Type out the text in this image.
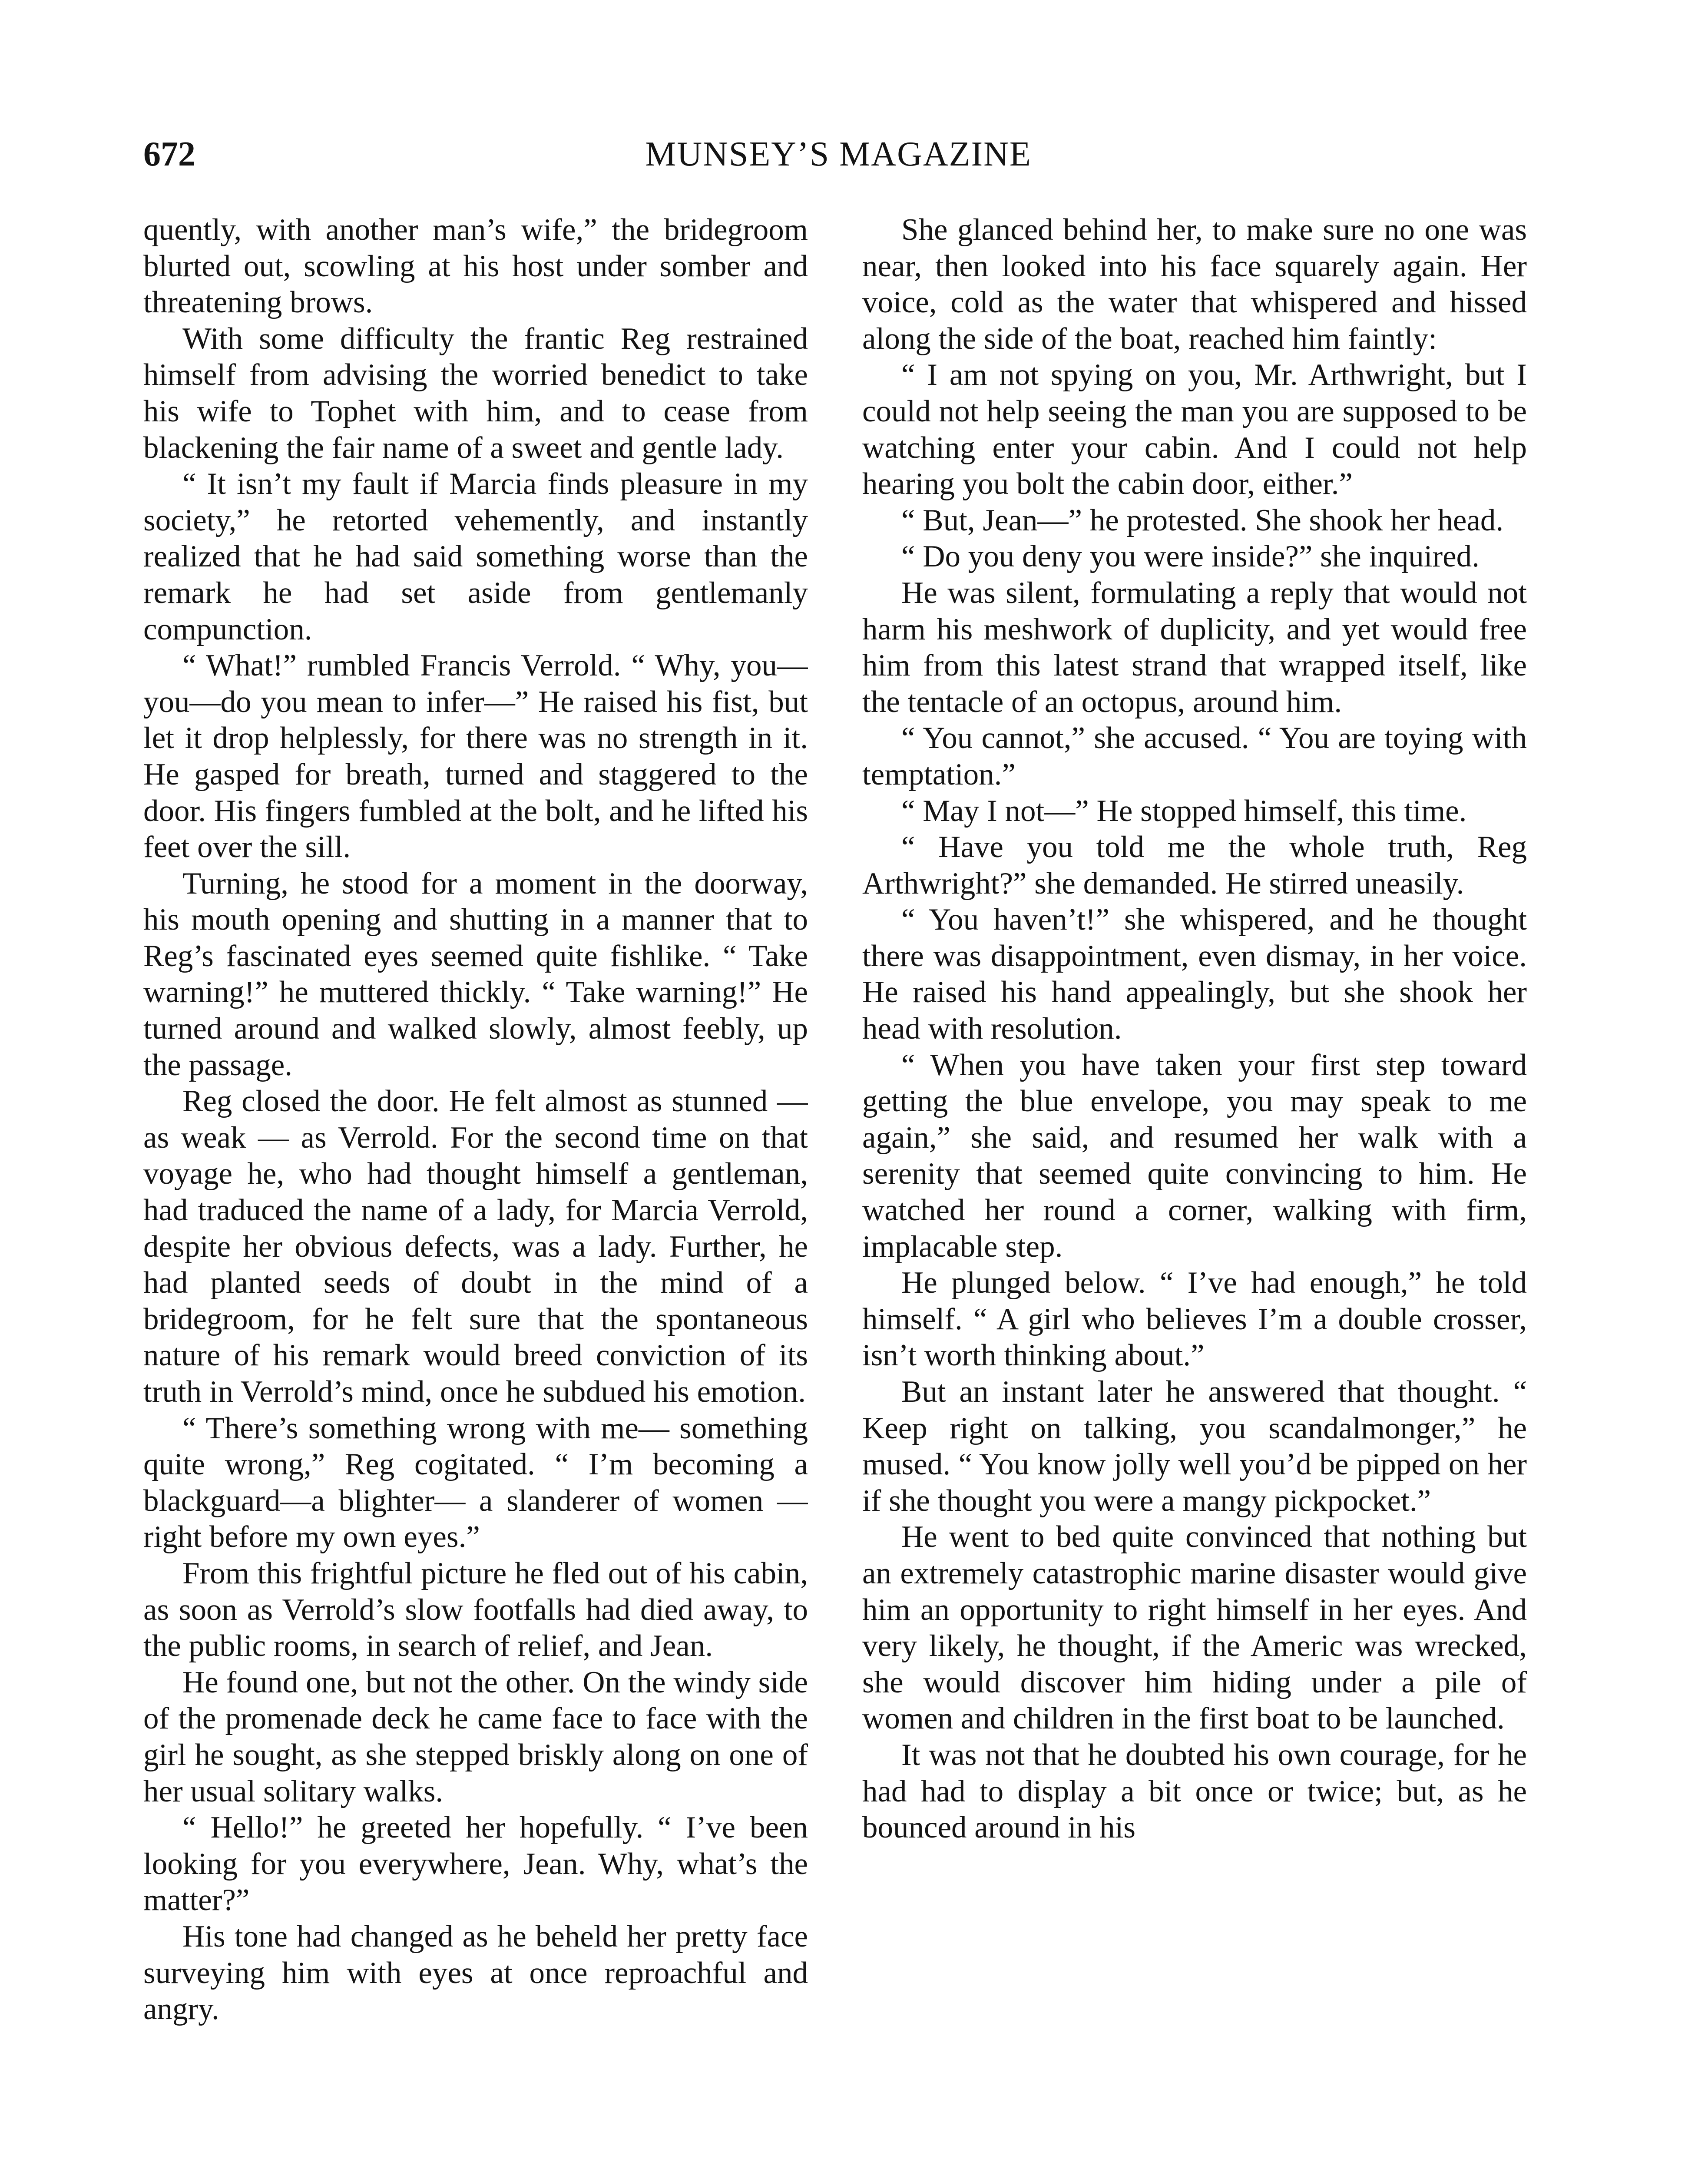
672	MUNSEY’S MAGAZINE

quently, with another man’s wife,” the bridegroom blurted out, scowling at his host under somber and threatening brows.

With some difficulty the frantic Reg restrained himself from advising the worried benedict to take his wife to Tophet with him, and to cease from blackening the fair name of a sweet and gentle lady.

“ It isn’t my fault if Marcia finds pleasure in my society,” he retorted vehemently, and instantly realized that he had said something worse than the remark he had set aside from gentlemanly compunction.

“ What!” rumbled Francis Verrold. “ Why, you—you—do you mean to infer—” He raised his fist, but let it drop helplessly, for there was no strength in it. He gasped for breath, turned and staggered to the door. His fingers fumbled at the bolt, and he lifted his feet over the sill.

Turning, he stood for a moment in the doorway, his mouth opening and shutting in a manner that to Reg’s fascinated eyes seemed quite fishlike. “ Take warning!” he muttered thickly. “ Take warning!” He turned around and walked slowly, almost feebly, up the passage.

Reg closed the door. He felt almost as stunned — as weak — as Verrold. For the second time on that voyage he, who had thought himself a gentleman, had traduced the name of a lady, for Marcia Verrold, despite her obvious defects, was a lady. Further, he had planted seeds of doubt in the mind of a bridegroom, for he felt sure that the spontaneous nature of his remark would breed conviction of its truth in Verrold’s mind, once he subdued his emotion.

“ There’s something wrong with me— something quite wrong,” Reg cogitated. “ I’m becoming a blackguard—a blighter— a slanderer of women — right before my own eyes.”

From this frightful picture he fled out of his cabin, as soon as Verrold’s slow footfalls had died away, to the public rooms, in search of relief, and Jean.

He found one, but not the other. On the windy side of the promenade deck he came face to face with the girl he sought, as she stepped briskly along on one of her usual solitary walks.

“ Hello!” he greeted her hopefully. “ I’ve been looking for you everywhere, Jean. Why, what’s the matter?”

His tone had changed as he beheld her pretty face surveying him with eyes at once reproachful and angry.

She glanced behind her, to make sure no one was near, then looked into his face squarely again. Her voice, cold as the water that whispered and hissed along the side of the boat, reached him faintly:

“ I am not spying on you, Mr. Arthwright, but I could not help seeing the man you are supposed to be watching enter your cabin. And I could not help hearing you bolt the cabin door, either.”

“ But, Jean—” he protested. She shook her head.

“ Do you deny you were inside?” she inquired.

He was silent, formulating a reply that would not harm his meshwork of duplicity, and yet would free him from this latest strand that wrapped itself, like the tentacle of an octopus, around him.

“ You cannot,” she accused. “ You are toying with temptation.”

“ May I not—” He stopped himself, this time.

“ Have you told me the whole truth, Reg Arthwright?” she demanded. He stirred uneasily.

“ You haven’t!” she whispered, and he thought there was disappointment, even dismay, in her voice. He raised his hand appealingly, but she shook her head with resolution.

“ When you have taken your first step toward getting the blue envelope, you may speak to me again,” she said, and resumed her walk with a serenity that seemed quite convincing to him. He watched her round a corner, walking with firm, implacable step.

He plunged below. “ I’ve had enough,” he told himself. “ A girl who believes I’m a double crosser, isn’t worth thinking about.”

But an instant later he answered that thought. “ Keep right on talking, you scandalmonger,” he mused. “ You know jolly well you’d be pipped on her if she thought you were a mangy pickpocket.”

He went to bed quite convinced that nothing but an extremely catastrophic marine disaster would give him an opportunity to right himself in her eyes. And very likely, he thought, if the Americ was wrecked, she would discover him hiding under a pile of women and children in the first boat to be launched.

It was not that he doubted his own courage, for he had had to display a bit once or twice; but, as he bounced around in his
